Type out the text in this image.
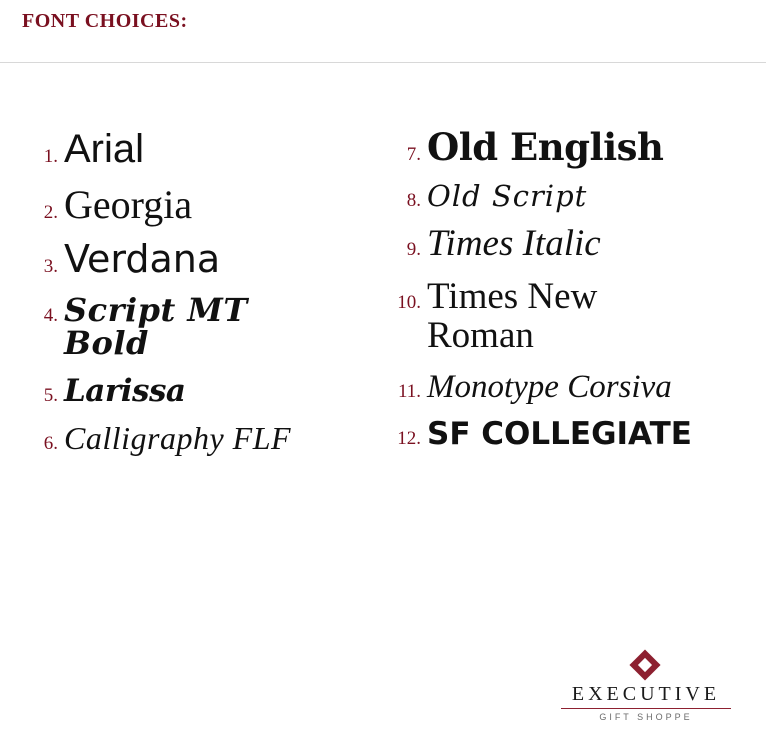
FONT CHOICES:
1. Arial
2. Georgia
3. Verdana
4. Script MT Bold
5. Larissa
6. Calligraphy FLF
7. Old English
8. Old Script
9. Times Italic
10. Times New Roman
11. Monotype Corsiva
12. SF COLLEGIATE
EXECUTIVE
GIFT SHOPPE
